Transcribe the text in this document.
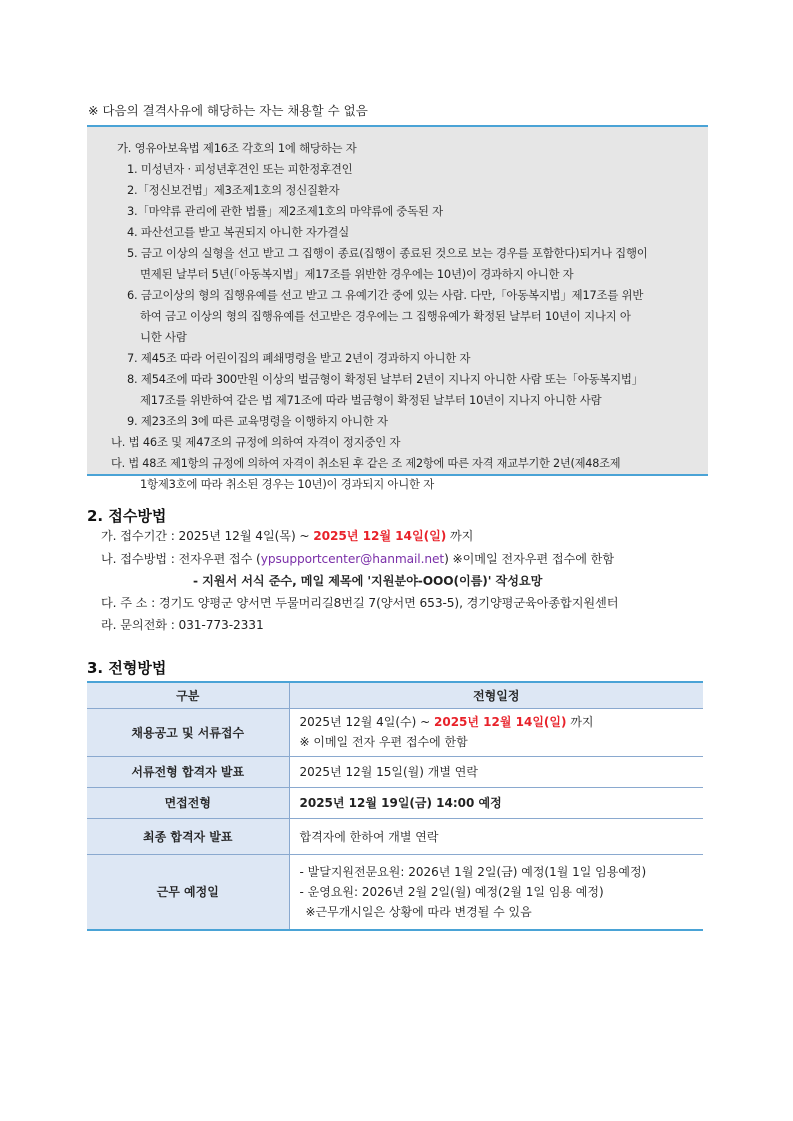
※ 다음의 결격사유에 해당하는 자는 채용할 수 없음
가. 영유아보육법 제16조 각호의 1에 해당하는 자
1. 미성년자 · 피성년후견인 또는 피한정후견인
2.「정신보건법」제3조제1호의 정신질환자
3.「마약류 관리에 관한 법률」제2조제1호의 마약류에 중독된 자
4. 파산선고를 받고 복권되지 아니한 자가결실
5. 금고 이상의 실형을 선고 받고 그 집행이 종료(집행이 종료된 것으로 보는 경우를 포함한다)되거나 집행이
면제된 날부터 5년(「아동복지법」제17조를 위반한 경우에는 10년)이 경과하지 아니한 자
6. 금고이상의 형의 집행유예를 선고 받고 그 유예기간 중에 있는 사람. 다만,「아동복지법」제17조를 위반
하여 금고 이상의 형의 집행유예를 선고받은 경우에는 그 집행유예가 확정된 날부터 10년이 지나지 아
니한 사람
7. 제45조 따라 어린이집의 폐쇄명령을 받고 2년이 경과하지 아니한 자
8. 제54조에 따라 300만원 이상의 벌금형이 확정된 날부터 2년이 지나지 아니한 사람 또는「아동복지법」
제17조를 위반하여 같은 법 제71조에 따라 벌금형이 확정된 날부터 10년이 지나지 아니한 사람
9. 제23조의 3에 따른 교육명령을 이행하지 아니한 자
나. 법 46조 및 제47조의 규정에 의하여 자격이 정지중인 자
다. 법 48조 제1항의 규정에 의하여 자격이 취소된 후 같은 조 제2항에 따른 자격 재교부기한 2년(제48조제
1항제3호에 따라 취소된 경우는 10년)이 경과되지 아니한 자
2. 접수방법
가. 접수기간 : 2025년 12월 4일(목) ~ 2025년 12월 14일(일) 까지
나. 접수방법 : 전자우편 접수 (ypsupportcenter@hanmail.net) ※이메일 전자우편 접수에 한함
- 지원서 서식 준수, 메일 제목에 '지원분야-OOO(이름)' 작성요망
다. 주 소 : 경기도 양평군 양서면 두물머리길8번길 7(양서면 653-5), 경기양평군육아종합지원센터
라. 문의전화 : 031-773-2331
3. 전형방법
구분	전형일정
채용공고 및 서류접수	2025년 12월 4일(수) ~ 2025년 12월 14일(일) 까지
※ 이메일 전자 우편 접수에 한함

서류전형 합격자 발표	2025년 12월 15일(월) 개별 연락
면접전형	2025년 12월 19일(금) 14:00 예정
최종 합격자 발표	합격자에 한하여 개별 연락
근무 예정일	- 발달지원전문요원: 2026년 1월 2일(금) 예정(1월 1일 임용예정)
- 운영요원: 2026년 2월 2일(월) 예정(2월 1일 임용 예정)
※근무개시일은 상황에 따라 변경될 수 있음
